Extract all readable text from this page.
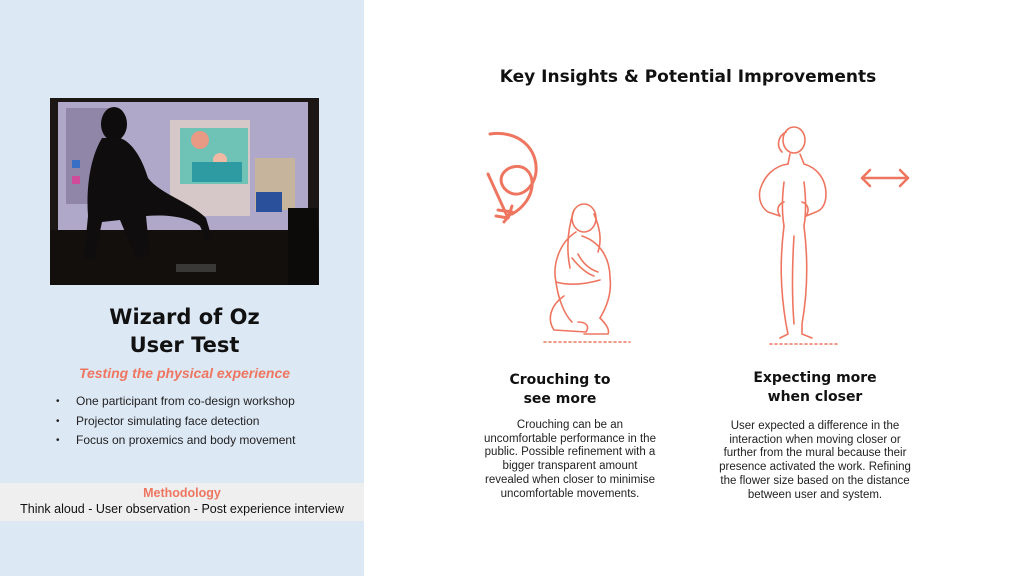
Wizard of Oz
User Test
Testing the physical experience
• One participant from co-design workshop
• Projector simulating face detection
• Focus on proxemics and body movement
Methodology
Think aloud - User observation - Post experience interview
Key Insights & Potential Improvements
Crouching to
see more
Crouching can be an
uncomfortable performance in the
public. Possible refinement with a
bigger transparent amount
revealed when closer to minimise
uncomfortable movements.
Expecting more
when closer
User expected a difference in the
interaction when moving closer or
further from the mural because their
presence activated the work. Refining
the flower size based on the distance
between user and system.
